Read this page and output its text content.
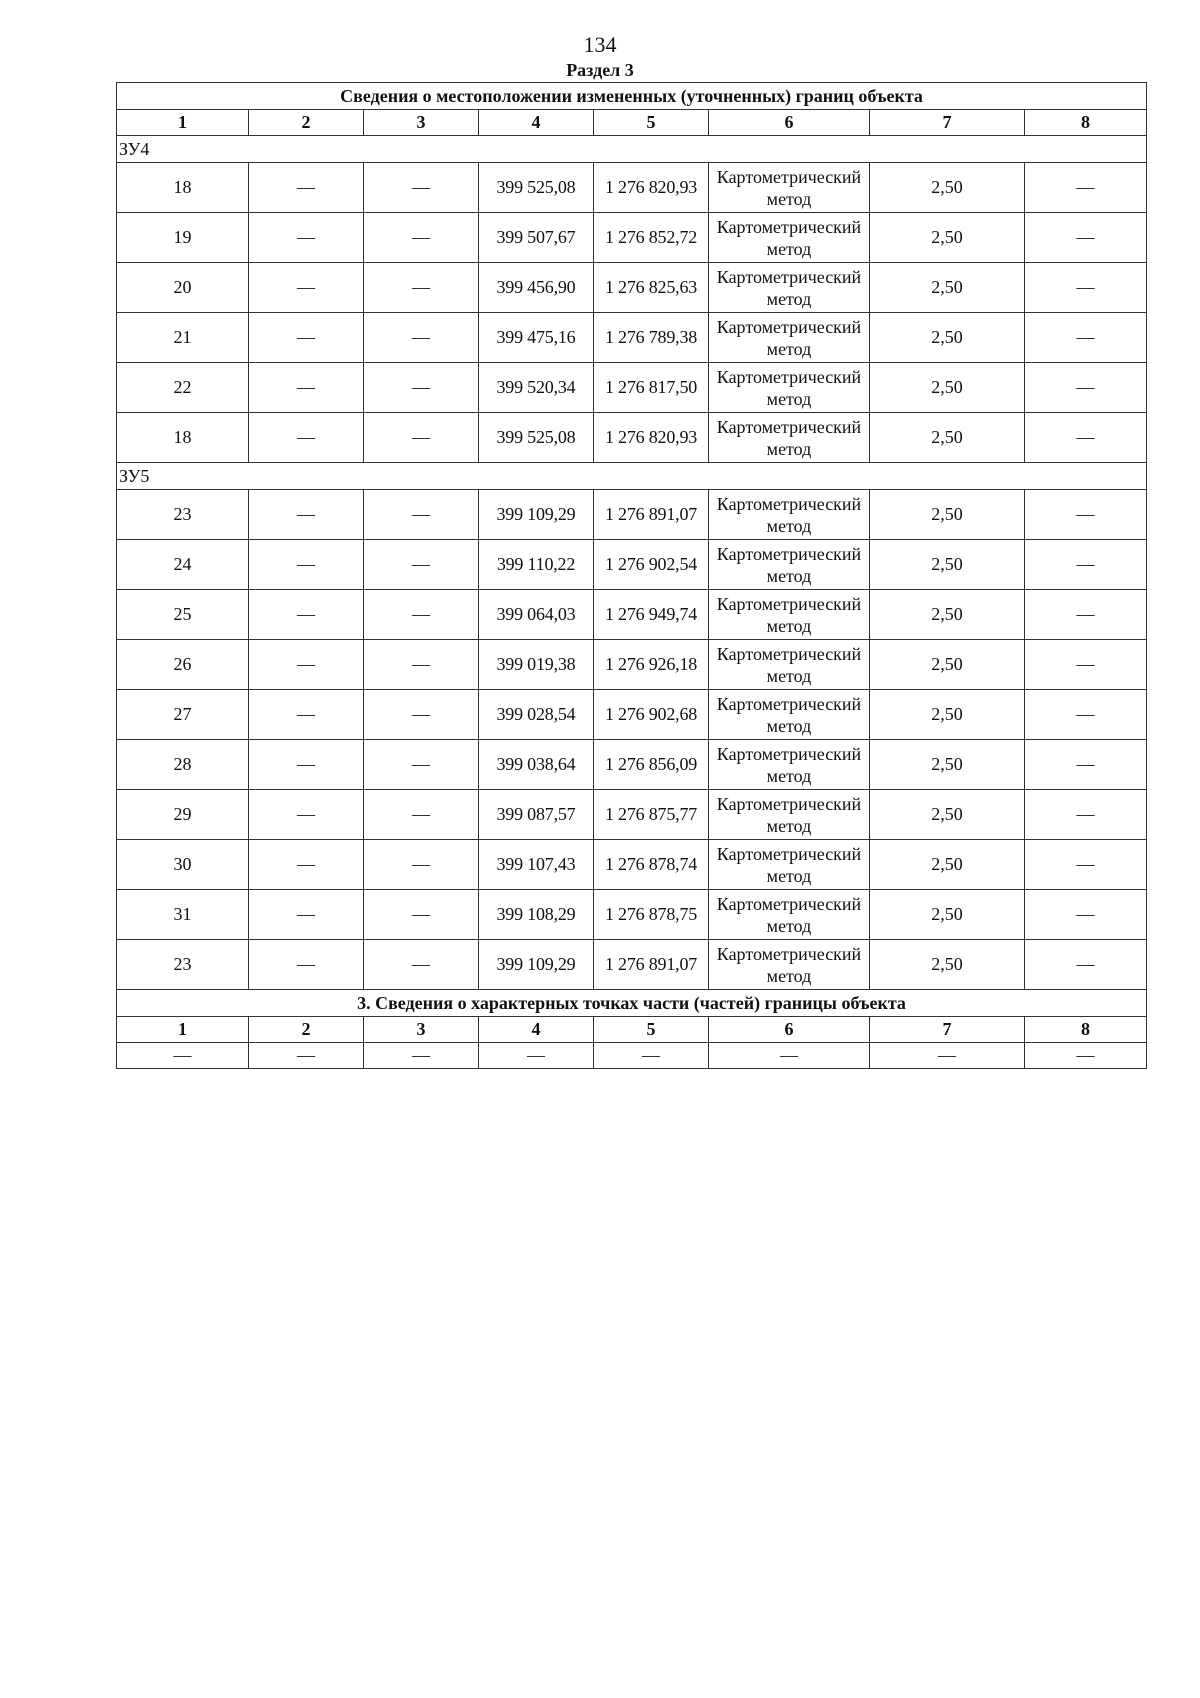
134
Раздел 3
Сведения о местоположении измененных (уточненных) границ объекта							
1	2	3	4	5	6	7	8
ЗУ4							
18	—	—	399 525,08	1 276 820,93	Картометрический метод	2,50	—
19	—	—	399 507,67	1 276 852,72	Картометрический метод	2,50	—
20	—	—	399 456,90	1 276 825,63	Картометрический метод	2,50	—
21	—	—	399 475,16	1 276 789,38	Картометрический метод	2,50	—
22	—	—	399 520,34	1 276 817,50	Картометрический метод	2,50	—
18	—	—	399 525,08	1 276 820,93	Картометрический метод	2,50	—
ЗУ5							
23	—	—	399 109,29	1 276 891,07	Картометрический метод	2,50	—
24	—	—	399 110,22	1 276 902,54	Картометрический метод	2,50	—
25	—	—	399 064,03	1 276 949,74	Картометрический метод	2,50	—
26	—	—	399 019,38	1 276 926,18	Картометрический метод	2,50	—
27	—	—	399 028,54	1 276 902,68	Картометрический метод	2,50	—
28	—	—	399 038,64	1 276 856,09	Картометрический метод	2,50	—
29	—	—	399 087,57	1 276 875,77	Картометрический метод	2,50	—
30	—	—	399 107,43	1 276 878,74	Картометрический метод	2,50	—
31	—	—	399 108,29	1 276 878,75	Картометрический метод	2,50	—
23	—	—	399 109,29	1 276 891,07	Картометрический метод	2,50	—
3. Сведения о характерных точках части (частей) границы объекта							
1	2	3	4	5	6	7	8
—	—	—	—	—	—	—	—
